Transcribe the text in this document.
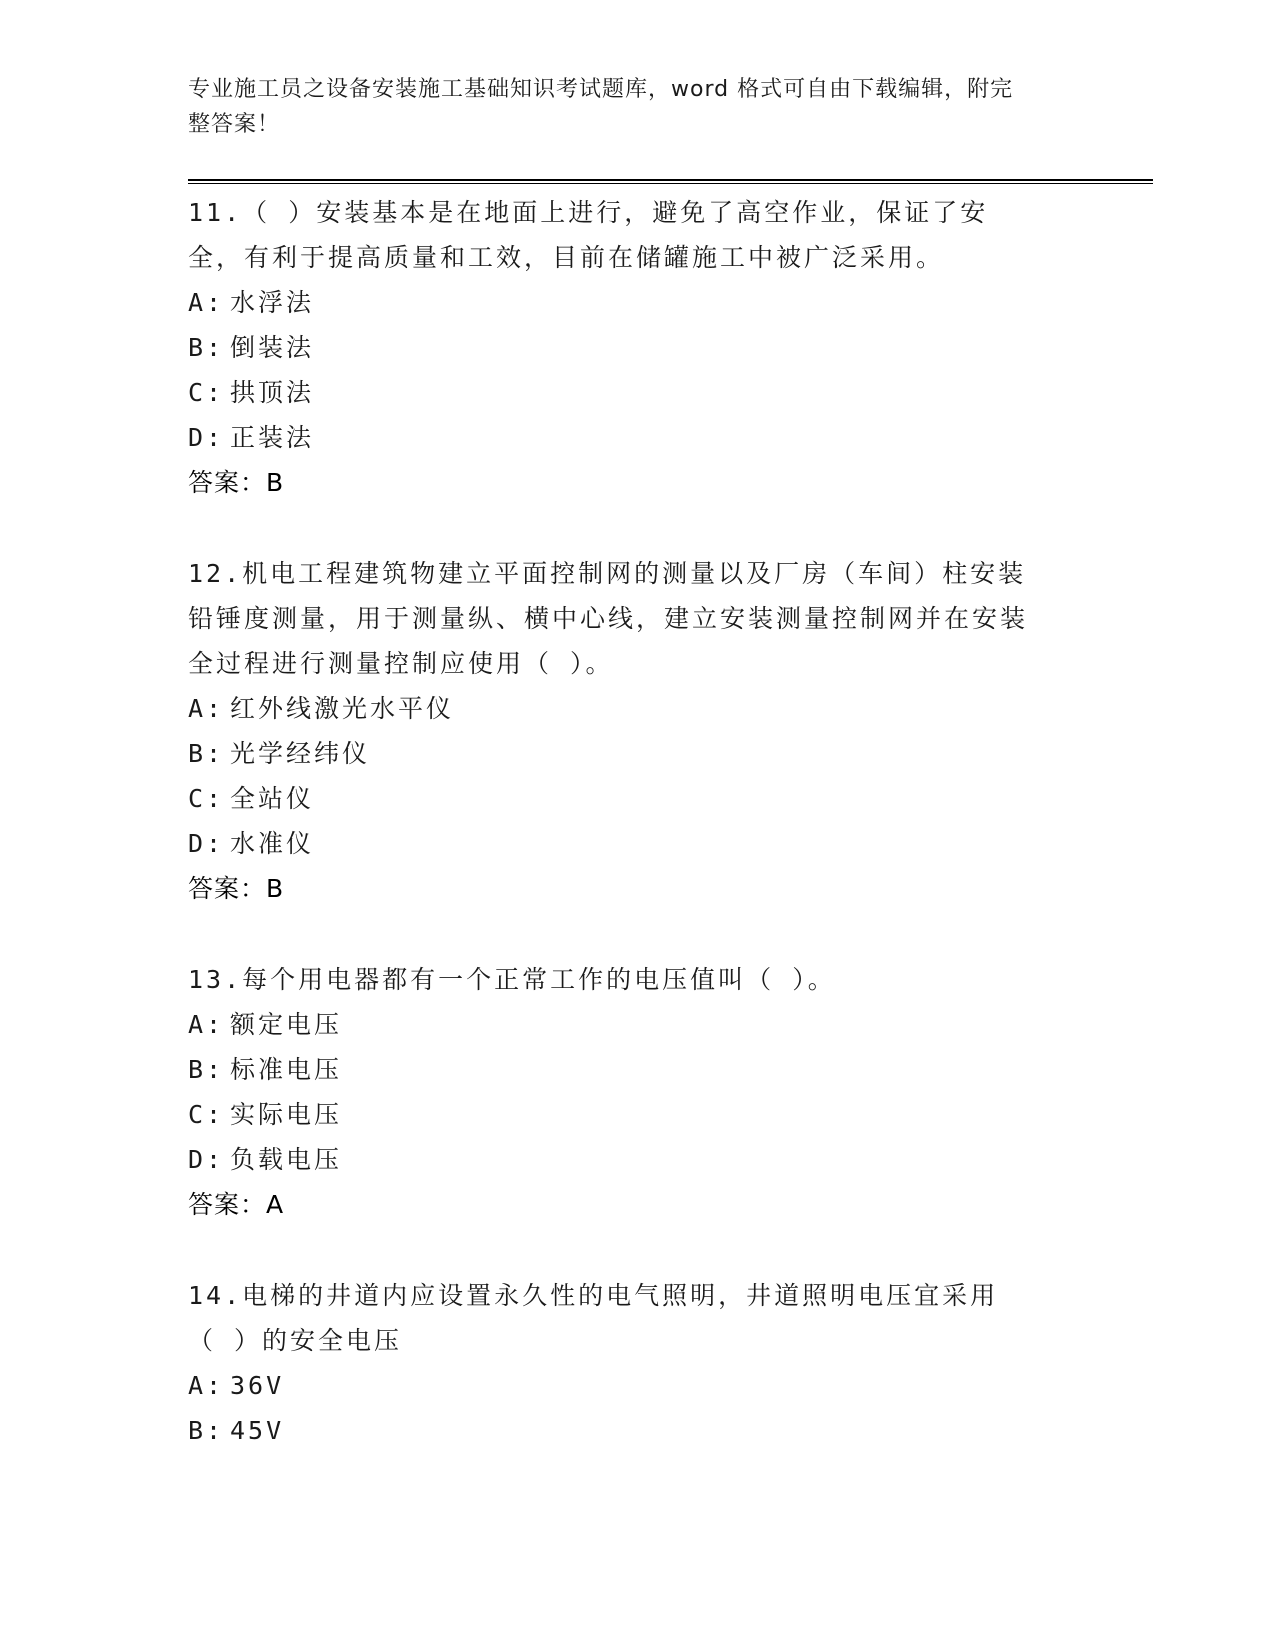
专业施工员之设备安装施工基础知识考试题库，word 格式可自由下载编辑，附完
整答案！

11.（ ）安装基本是在地面上进行，避免了高空作业，保证了安全，有利于提高质量和工效，目前在储罐施工中被广泛采用。

A: 水浮法

B: 倒装法

C: 拱顶法

D: 正装法

答案：B

12.机电工程建筑物建立平面控制网的测量以及厂房（车间）柱安装铅锤度测量，用于测量纵、横中心线，建立安装测量控制网并在安装全过程进行测量控制应使用（ ）。

A: 红外线激光水平仪

B: 光学经纬仪

C: 全站仪

D: 水准仪

答案：B

13.每个用电器都有一个正常工作的电压值叫（ ）。

A: 额定电压

B: 标准电压

C: 实际电压

D: 负载电压

答案：A

14.电梯的井道内应设置永久性的电气照明，井道照明电压宜采用（ ）的安全电压

A: 36V

B: 45V
